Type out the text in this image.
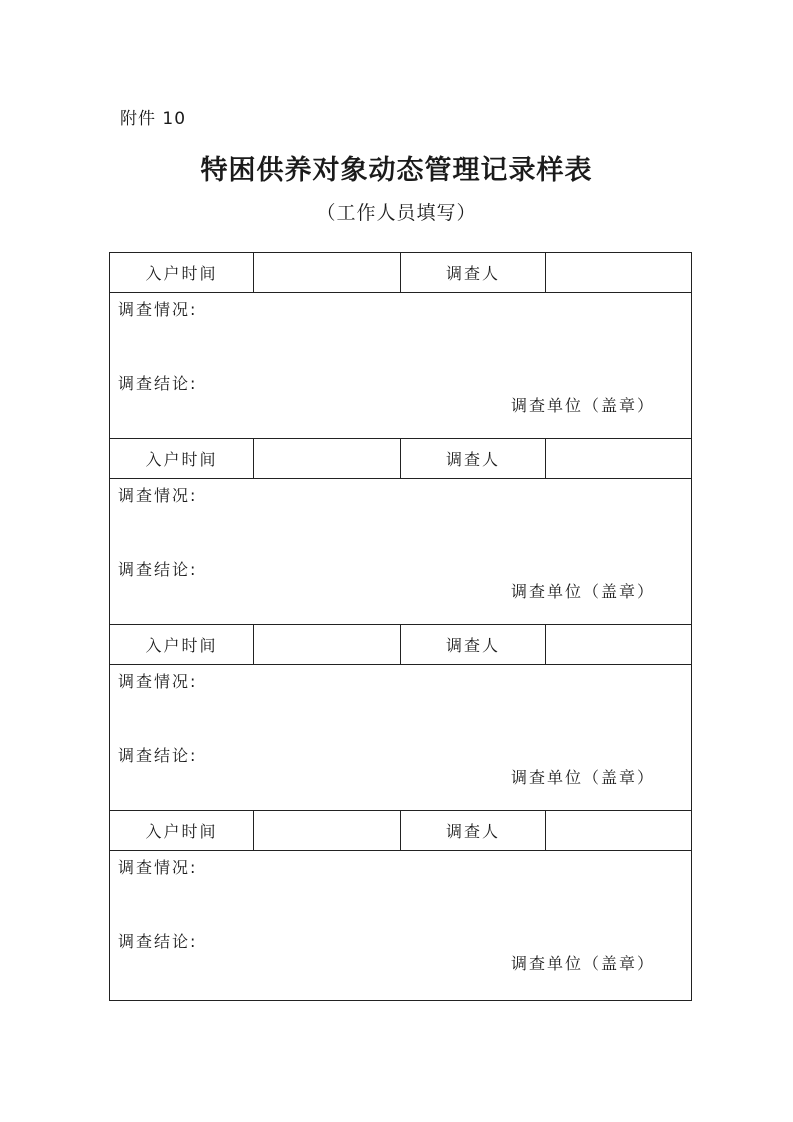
附件 10
特困供养对象动态管理记录样表
（工作人员填写）
入户时间	调查人
调查情况:
调查结论:
调查单位（盖章）
入户时间	调查人
调查情况:
调查结论:
调查单位（盖章）
入户时间	调查人
调查情况:
调查结论:
调查单位（盖章）
入户时间	调查人
调查情况:
调查结论:
调查单位（盖章）
